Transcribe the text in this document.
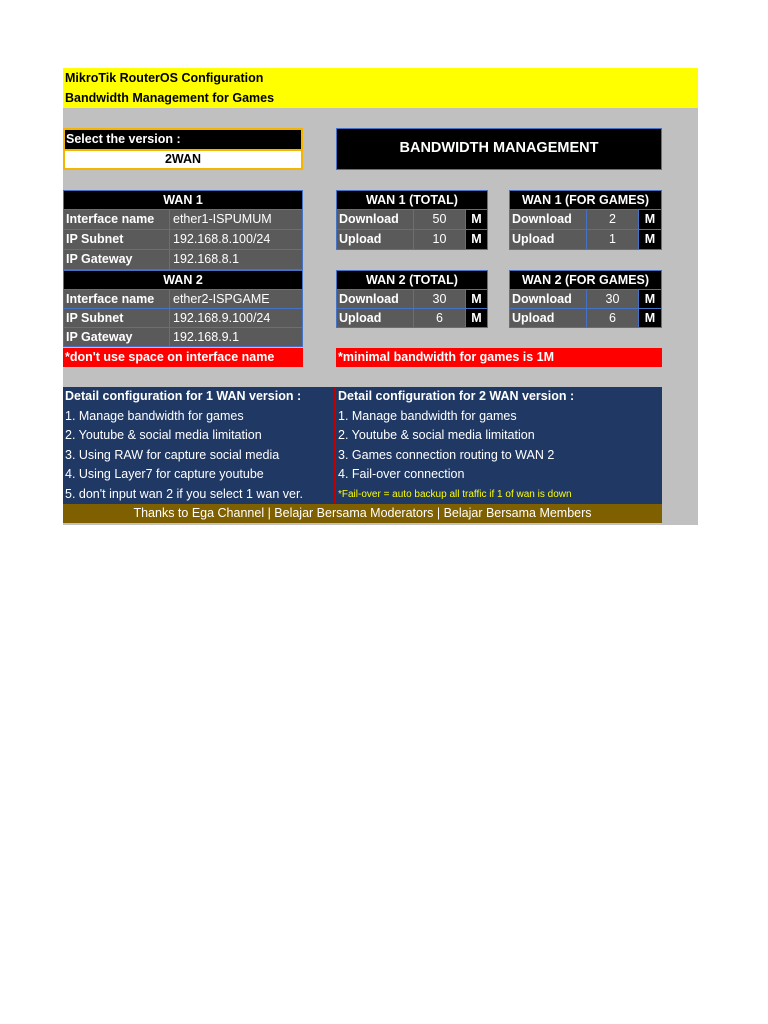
MikroTik RouterOS Configuration
Bandwidth Management for Games
Select the version :
2WAN
BANDWIDTH MANAGEMENT
WAN 1
Interface name	ether1-ISPUMUM
IP Subnet	192.168.8.100/24
IP Gateway	192.168.8.1
WAN 2
Interface name	ether2-ISPGAME
IP Subnet	192.168.9.100/24
IP Gateway	192.168.9.1
*don't use space on interface name	*minimal bandwidth for games is 1M
WAN 1 (TOTAL)
Download	50	M
Upload	10	M
WAN 1 (FOR GAMES)
Download	2	M
Upload	1	M
WAN 2 (TOTAL)
Download	30	M
Upload	6	M
WAN 2 (FOR GAMES)
Download	30	M
Upload	6	M
Detail configuration for 1 WAN version :
1. Manage bandwidth for games
2. Youtube & social media limitation
3. Using RAW for capture social media
4. Using Layer7 for capture youtube
5. don't input wan 2 if you select 1 wan ver.
Detail configuration for 2 WAN version :
1. Manage bandwidth for games
2. Youtube & social media limitation
3. Games connection routing to WAN 2
4. Fail-over connection
*Fail-over = auto backup all traffic if 1 of wan is down
Thanks to Ega Channel | Belajar Bersama Moderators | Belajar Bersama Members
